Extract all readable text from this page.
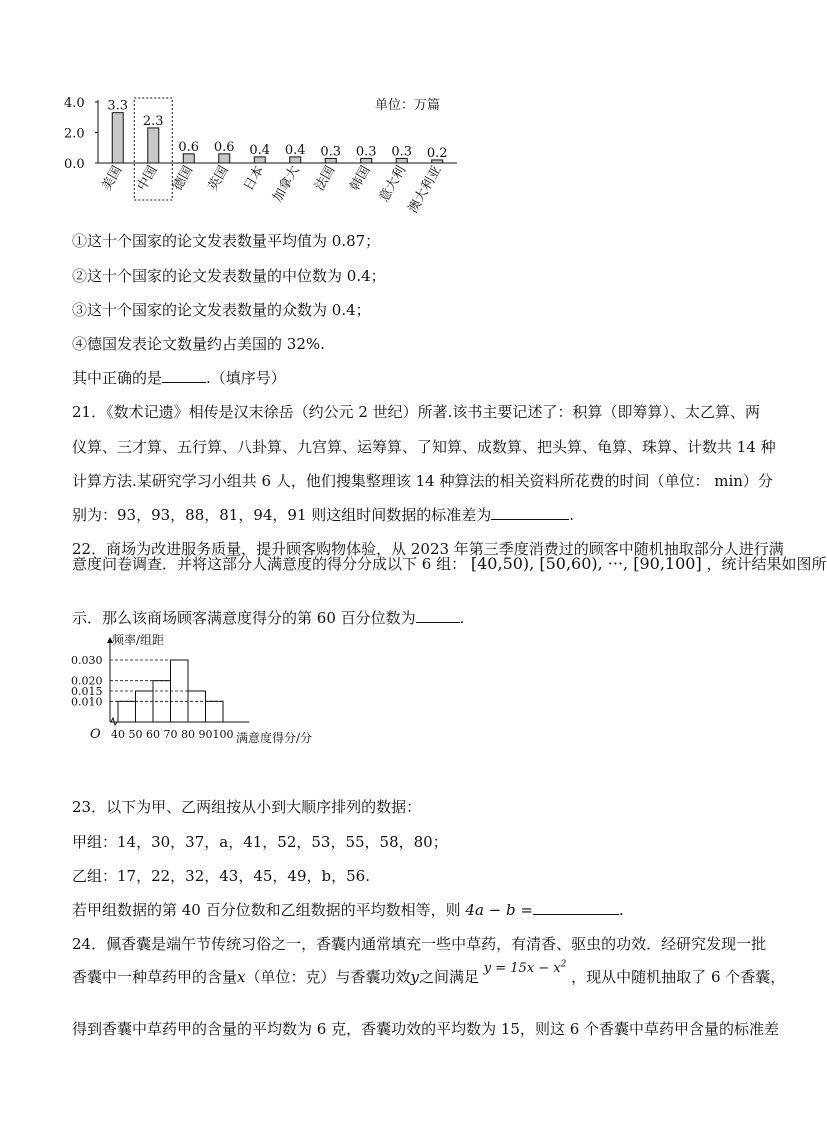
4.0
2.0
0.0
3.3
2.3
0.6 0.6 0.4 0.4 0.3 0.3 0.3 0.2
美国 中国 德国 英国 日本 加拿大 法国 韩国 意大利
澳大利亚
单位：万篇
①这十个国家的论文发表数量平均值为 0.87；
②这十个国家的论文发表数量的中位数为 0.4；
③这十个国家的论文发表数量的众数为 0.4；
④德国发表论文数量约占美国的 32%.
其中正确的是	.（填序号）
21．《数术记遗》相传是汉末徐岳（约公元 2 世纪）所著.该书主要记述了：积算（即筹算）、太乙算、两
仪算、三才算、五行算、八卦算、九宫算、运筹算、了知算、成数算、把头算、龟算、珠算、计数共 14 种
计算方法.某研究学习小组共 6 人，他们搜集整理该 14 种算法的相关资料所花费的时间（单位： min）分
别为：93，93，88，81，94，91 则这组时间数据的标准差为	.
22．商场为改进服务质量，提升顾客购物体验，从 2023 年第三季度消费过的顾客中随机抽取部分人进行满
意度问卷调查．并将这部分人满意度的得分分成以下 6 组： [40,50), [50,60), ···, [90,100] ，统计结果如图所
示．那么该商场顾客满意度得分的第 60 百分位数为	.
0.030
0.020
0.015
0.010
40 50 60 70 80 90 100
频率/组距
满意度得分/分
O
23．以下为甲、乙两组按从小到大顺序排列的数据：
甲组：14，30，37，a，41，52，53，55，58，80；
乙组：17，22，32，43，45，49，b，56.
若甲组数据的第 40 百分位数和乙组数据的平均数相等，则 4a − b =	.
24．佩香囊是端午节传统习俗之一，香囊内通常填充一些中草药，有清香、驱虫的功效．经研究发现一批
香囊中一种草药甲的含量x（单位：克）与香囊功效y之间满足 $y = 15x - x^2$ ，现从中随机抽取了 6 个香囊，
得到香囊中草药甲的含量的平均数为 6 克，香囊功效的平均数为 15，则这 6 个香囊中草药甲含量的标准差
